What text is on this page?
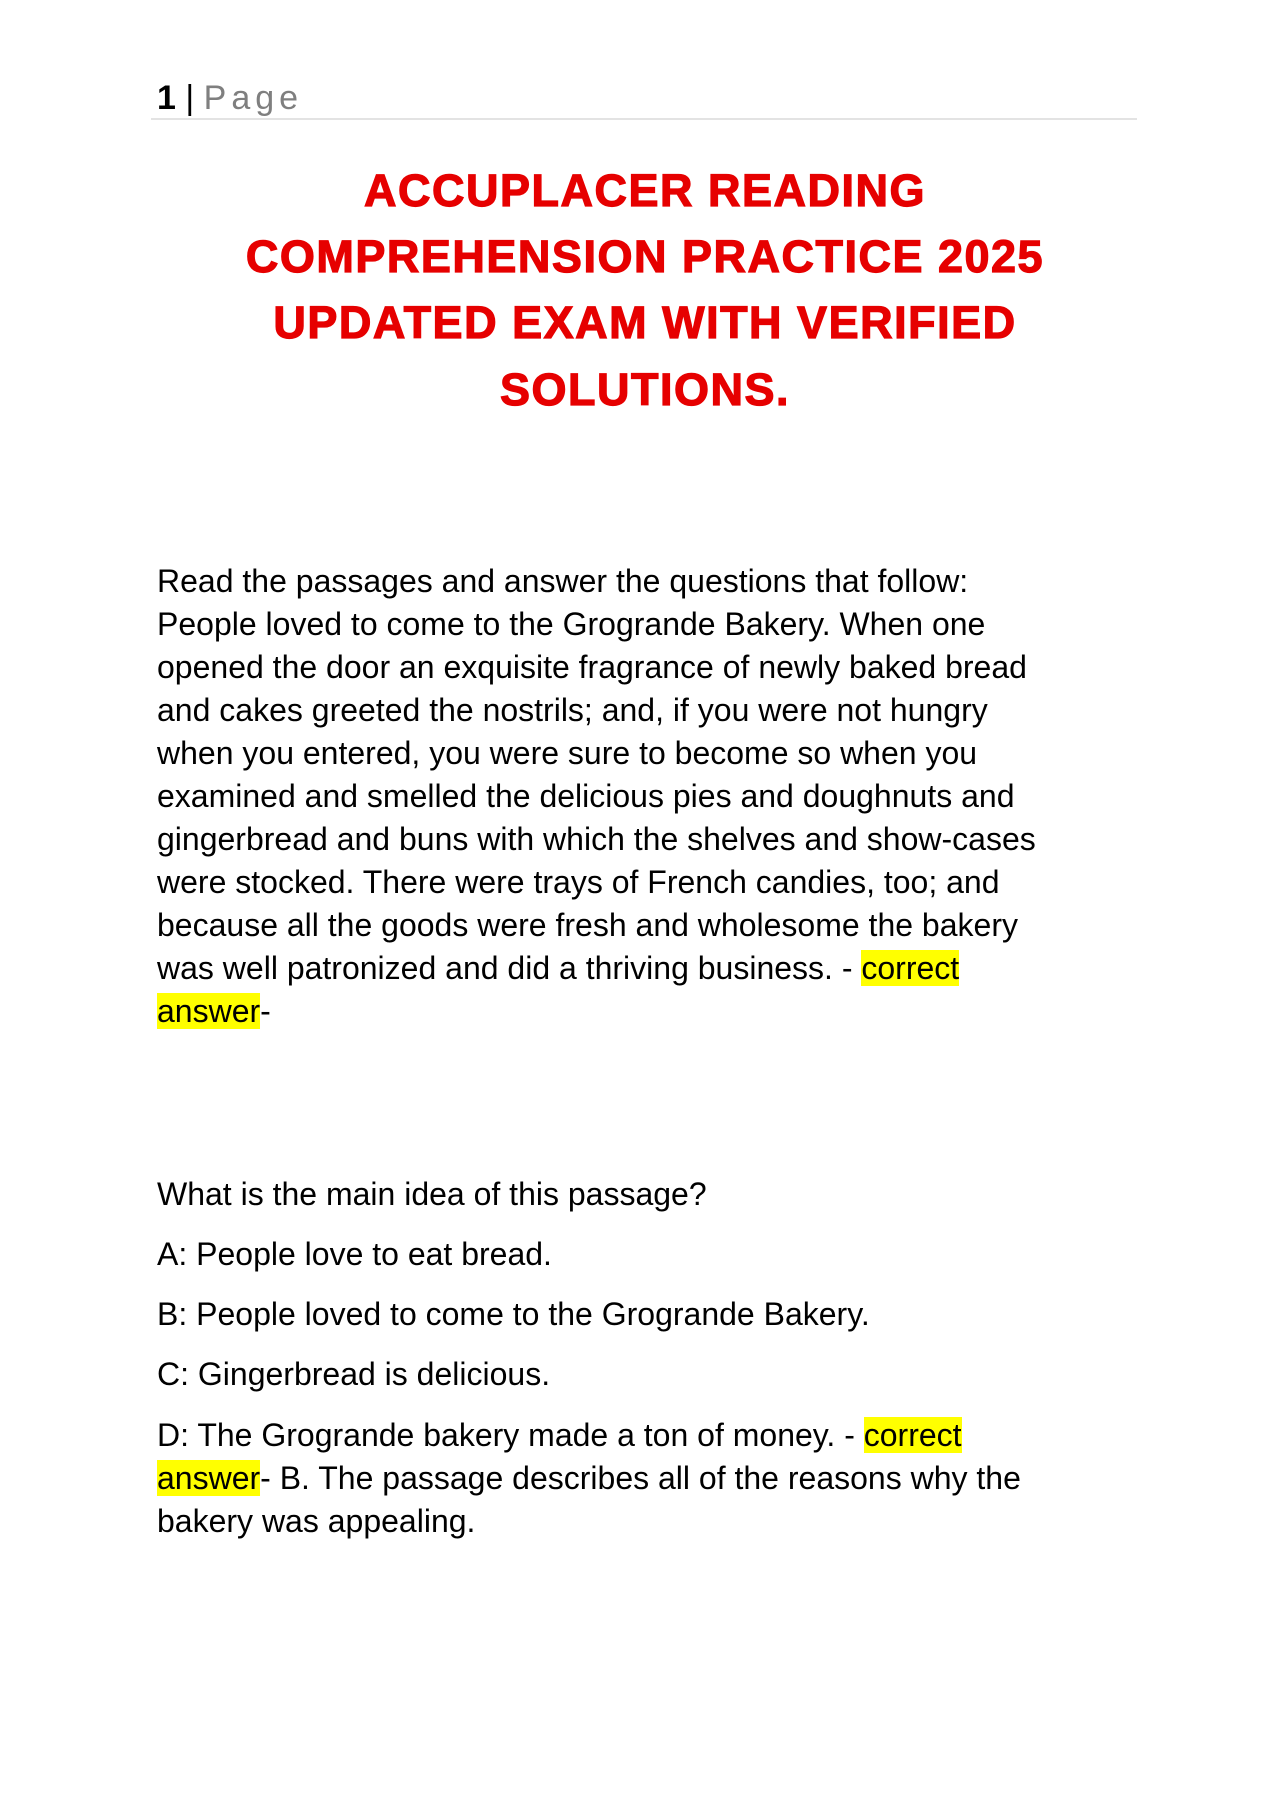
1 | Page
ACCUPLACER READING
COMPREHENSION PRACTICE 2025
UPDATED EXAM WITH VERIFIED
SOLUTIONS.
Read the passages and answer the questions that follow:
People loved to come to the Grogrande Bakery. When one
opened the door an exquisite fragrance of newly baked bread
and cakes greeted the nostrils; and, if you were not hungry
when you entered, you were sure to become so when you
examined and smelled the delicious pies and doughnuts and
gingerbread and buns with which the shelves and show-cases
were stocked. There were trays of French candies, too; and
because all the goods were fresh and wholesome the bakery
was well patronized and did a thriving business. - correct
answer-
What is the main idea of this passage?
A: People love to eat bread.
B: People loved to come to the Grogrande Bakery.
C: Gingerbread is delicious.
D: The Grogrande bakery made a ton of money. - correct
answer- B. The passage describes all of the reasons why the
bakery was appealing.
